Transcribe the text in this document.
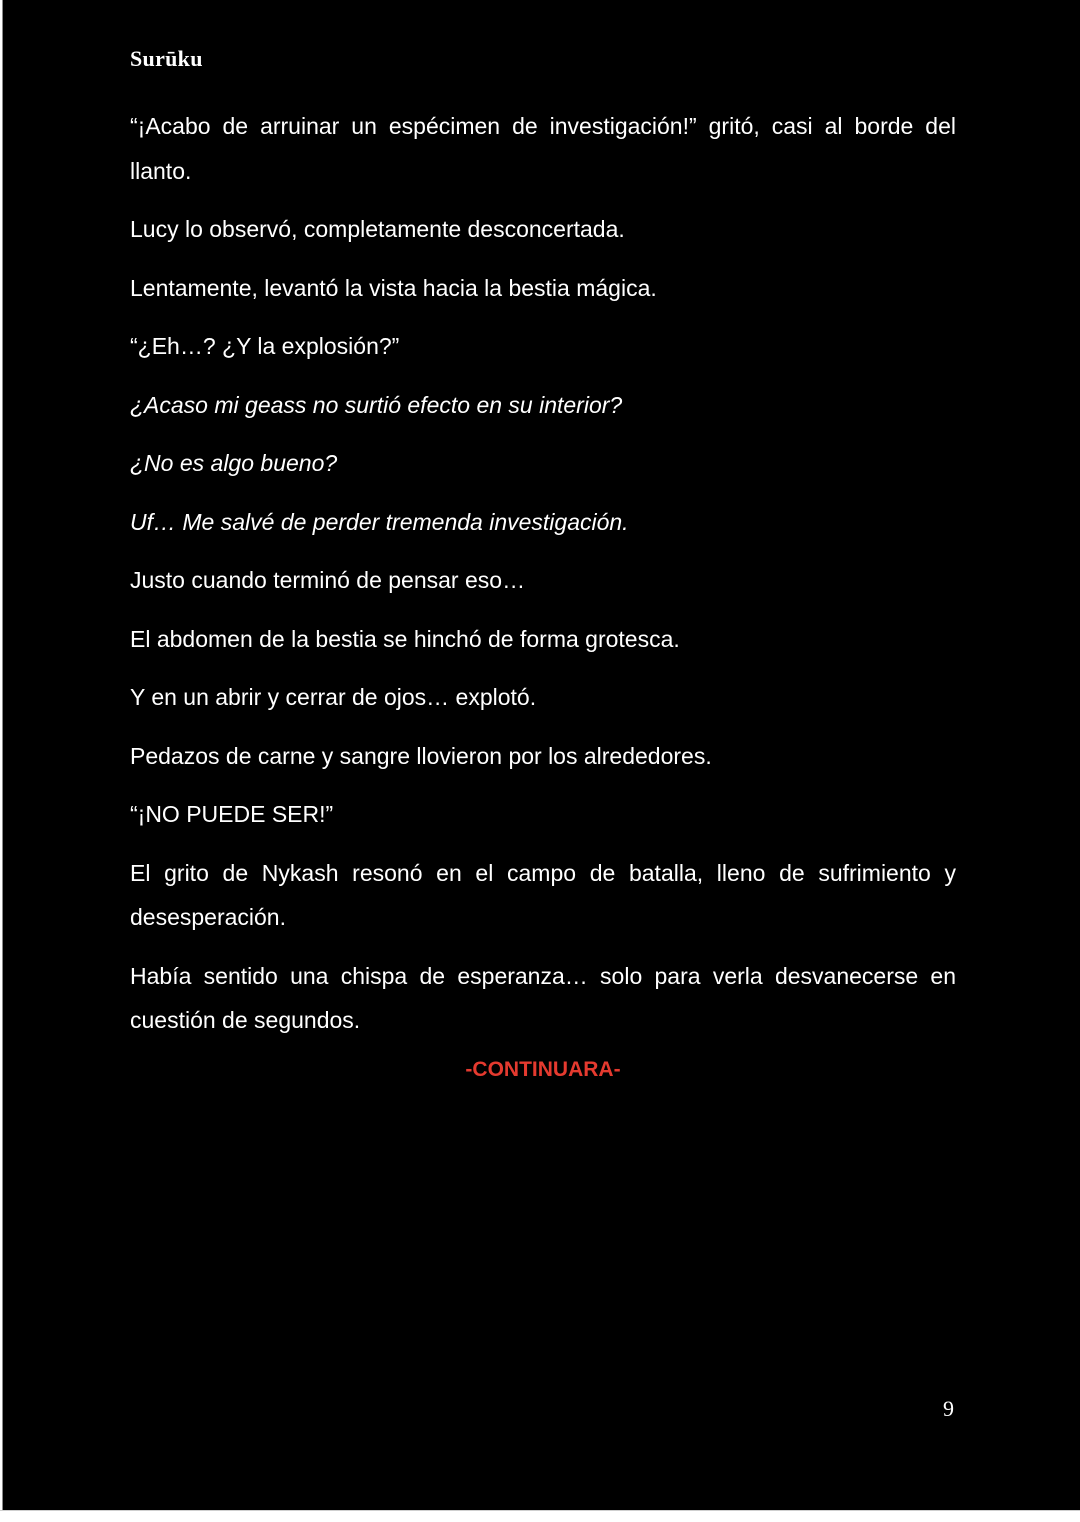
Surūku

“¡Acabo de arruinar un espécimen de investigación!” gritó, casi al borde del llanto.

Lucy lo observó, completamente desconcertada.

Lentamente, levantó la vista hacia la bestia mágica.

“¿Eh…? ¿Y la explosión?”

¿Acaso mi geass no surtió efecto en su interior?

¿No es algo bueno?

Uf… Me salvé de perder tremenda investigación.

Justo cuando terminó de pensar eso…

El abdomen de la bestia se hinchó de forma grotesca.

Y en un abrir y cerrar de ojos… explotó.

Pedazos de carne y sangre llovieron por los alrededores.

“¡NO PUEDE SER!”

El grito de Nykash resonó en el campo de batalla, lleno de sufrimiento y desesperación.

Había sentido una chispa de esperanza… solo para verla desvanecerse en cuestión de segundos.

-CONTINUARA-
9
